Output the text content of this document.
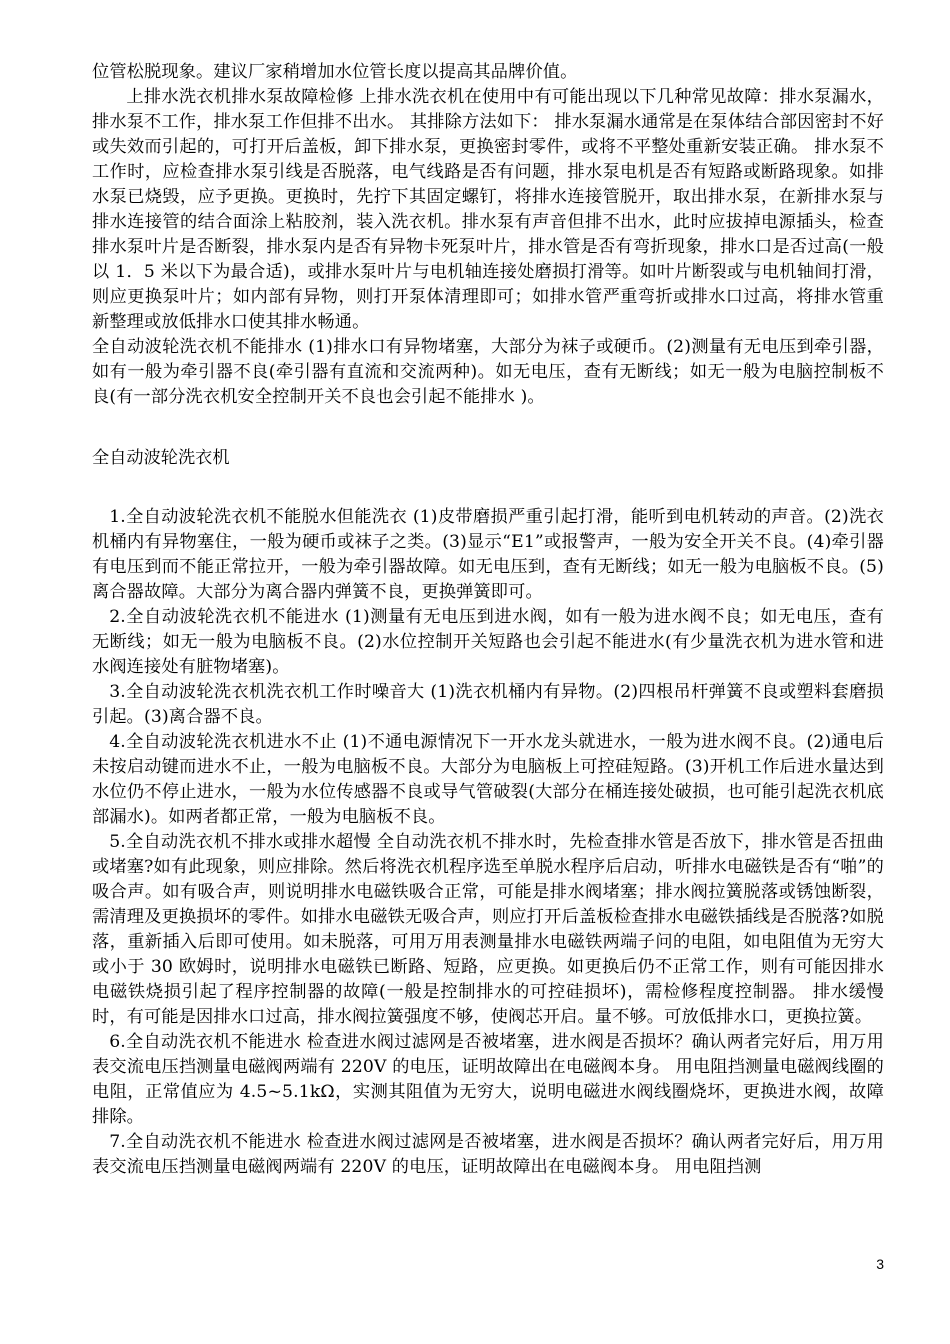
位管松脱现象。建议厂家稍增加水位管长度以提高其品牌价值。

上排水洗衣机排水泵故障检修 上排水洗衣机在使用中有可能出现以下几种常见故障：排水泵漏水，排水泵不工作，排水泵工作但排不出水。 其排除方法如下： 排水泵漏水通常是在泵体结合部因密封不好或失效而引起的，可打开后盖板，卸下排水泵，更换密封零件，或将不平整处重新安装正确。 排水泵不工作时，应检查排水泵引线是否脱落，电气线路是否有问题，排水泵电机是否有短路或断路现象。如排水泵已烧毁，应予更换。更换时，先拧下其固定螺钉，将排水连接管脱开，取出排水泵，在新排水泵与排水连接管的结合面涂上粘胶剂，装入洗衣机。排水泵有声音但排不出水，此时应拔掉电源插头，检查排水泵叶片是否断裂，排水泵内是否有异物卡死泵叶片，排水管是否有弯折现象，排水口是否过高(一般以 1．5 米以下为最合适)，或排水泵叶片与电机轴连接处磨损打滑等。如叶片断裂或与电机轴间打滑，则应更换泵叶片；如内部有异物，则打开泵体清理即可；如排水管严重弯折或排水口过高，将排水管重新整理或放低排水口使其排水畅通。

全自动波轮洗衣机不能排水 (1)排水口有异物堵塞，大部分为袜子或硬币。(2)测量有无电压到牵引器，如有一般为牵引器不良(牵引器有直流和交流两种)。如无电压，查有无断线；如无一般为电脑控制板不良(有一部分洗衣机安全控制开关不良也会引起不能排水 )。

全自动波轮洗衣机

1.全自动波轮洗衣机不能脱水但能洗衣 (1)皮带磨损严重引起打滑，能听到电机转动的声音。(2)洗衣机桶内有异物塞住，一般为硬币或袜子之类。(3)显示“E1”或报警声，一般为安全开关不良。(4)牵引器有电压到而不能正常拉开，一般为牵引器故障。如无电压到，查有无断线；如无一般为电脑板不良。(5)离合器故障。大部分为离合器内弹簧不良，更换弹簧即可。

2.全自动波轮洗衣机不能进水 (1)测量有无电压到进水阀，如有一般为进水阀不良；如无电压，查有无断线；如无一般为电脑板不良。(2)水位控制开关短路也会引起不能进水(有少量洗衣机为进水管和进水阀连接处有脏物堵塞)。

3.全自动波轮洗衣机洗衣机工作时噪音大 (1)洗衣机桶内有异物。(2)四根吊杆弹簧不良或塑料套磨损引起。(3)离合器不良。

4.全自动波轮洗衣机进水不止 (1)不通电源情况下一开水龙头就进水，一般为进水阀不良。(2)通电后未按启动键而进水不止，一般为电脑板不良。大部分为电脑板上可控硅短路。(3)开机工作后进水量达到水位仍不停止进水，一般为水位传感器不良或导气管破裂(大部分在桶连接处破损，也可能引起洗衣机底部漏水)。如两者都正常，一般为电脑板不良。

5.全自动洗衣机不排水或排水超慢 全自动洗衣机不排水时，先检查排水管是否放下，排水管是否扭曲或堵塞?如有此现象，则应排除。然后将洗衣机程序选至单脱水程序后启动，听排水电磁铁是否有“啪”的吸合声。如有吸合声，则说明排水电磁铁吸合正常，可能是排水阀堵塞；排水阀拉簧脱落或锈蚀断裂，需清理及更换损坏的零件。如排水电磁铁无吸合声，则应打开后盖板检查排水电磁铁插线是否脱落?如脱落，重新插入后即可使用。如未脱落，可用万用表测量排水电磁铁两端子问的电阻，如电阻值为无穷大或小于 30 欧姆时，说明排水电磁铁已断路、短路，应更换。如更换后仍不正常工作，则有可能因排水电磁铁烧损引起了程序控制器的故障(一般是控制排水的可控硅损坏)，需检修程度控制器。 排水缓慢时，有可能是因排水口过高，排水阀拉簧强度不够，使阀芯开启。量不够。可放低排水口，更换拉簧。

6.全自动洗衣机不能进水 检查进水阀过滤网是否被堵塞，进水阀是否损坏？确认两者完好后，用万用表交流电压挡测量电磁阀两端有 220V 的电压，证明故障出在电磁阀本身。 用电阻挡测量电磁阀线圈的电阻，正常值应为 4.5~5.1kΩ，实测其阻值为无穷大，说明电磁进水阀线圈烧坏，更换进水阀，故障排除。

7.全自动洗衣机不能进水 检查进水阀过滤网是否被堵塞，进水阀是否损坏？确认两者完好后，用万用表交流电压挡测量电磁阀两端有 220V 的电压，证明故障出在电磁阀本身。 用电阻挡测

3
